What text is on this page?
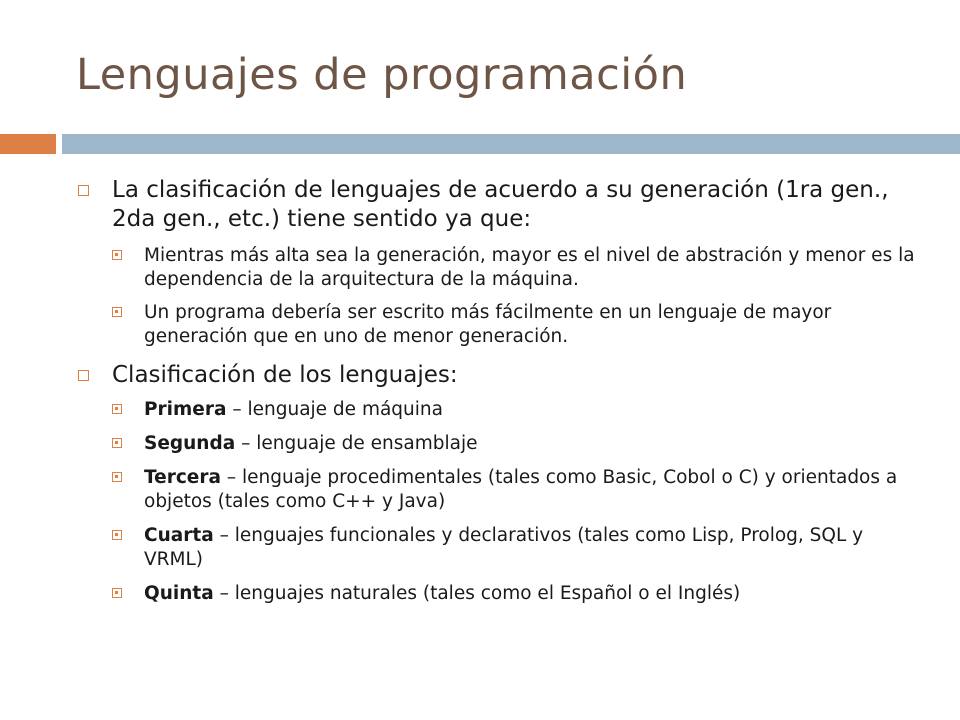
Lenguajes de programación
La clasificación de lenguajes de acuerdo a su generación (1ra gen., 2da gen., etc.) tiene sentido ya que:
Mientras más alta sea la generación, mayor es el nivel de abstración y menor es la dependencia de la arquitectura de la máquina.
Un programa debería ser escrito más fácilmente en un lenguaje de mayor generación que en uno de menor generación.
Clasificación de los lenguajes:
Primera – lenguaje de máquina
Segunda – lenguaje de ensamblaje
Tercera – lenguaje procedimentales (tales como Basic, Cobol o C) y orientados a objetos (tales como C++ y Java)
Cuarta – lenguajes funcionales y declarativos (tales como Lisp, Prolog, SQL y VRML)
Quinta – lenguajes naturales (tales como el Español o el Inglés)
